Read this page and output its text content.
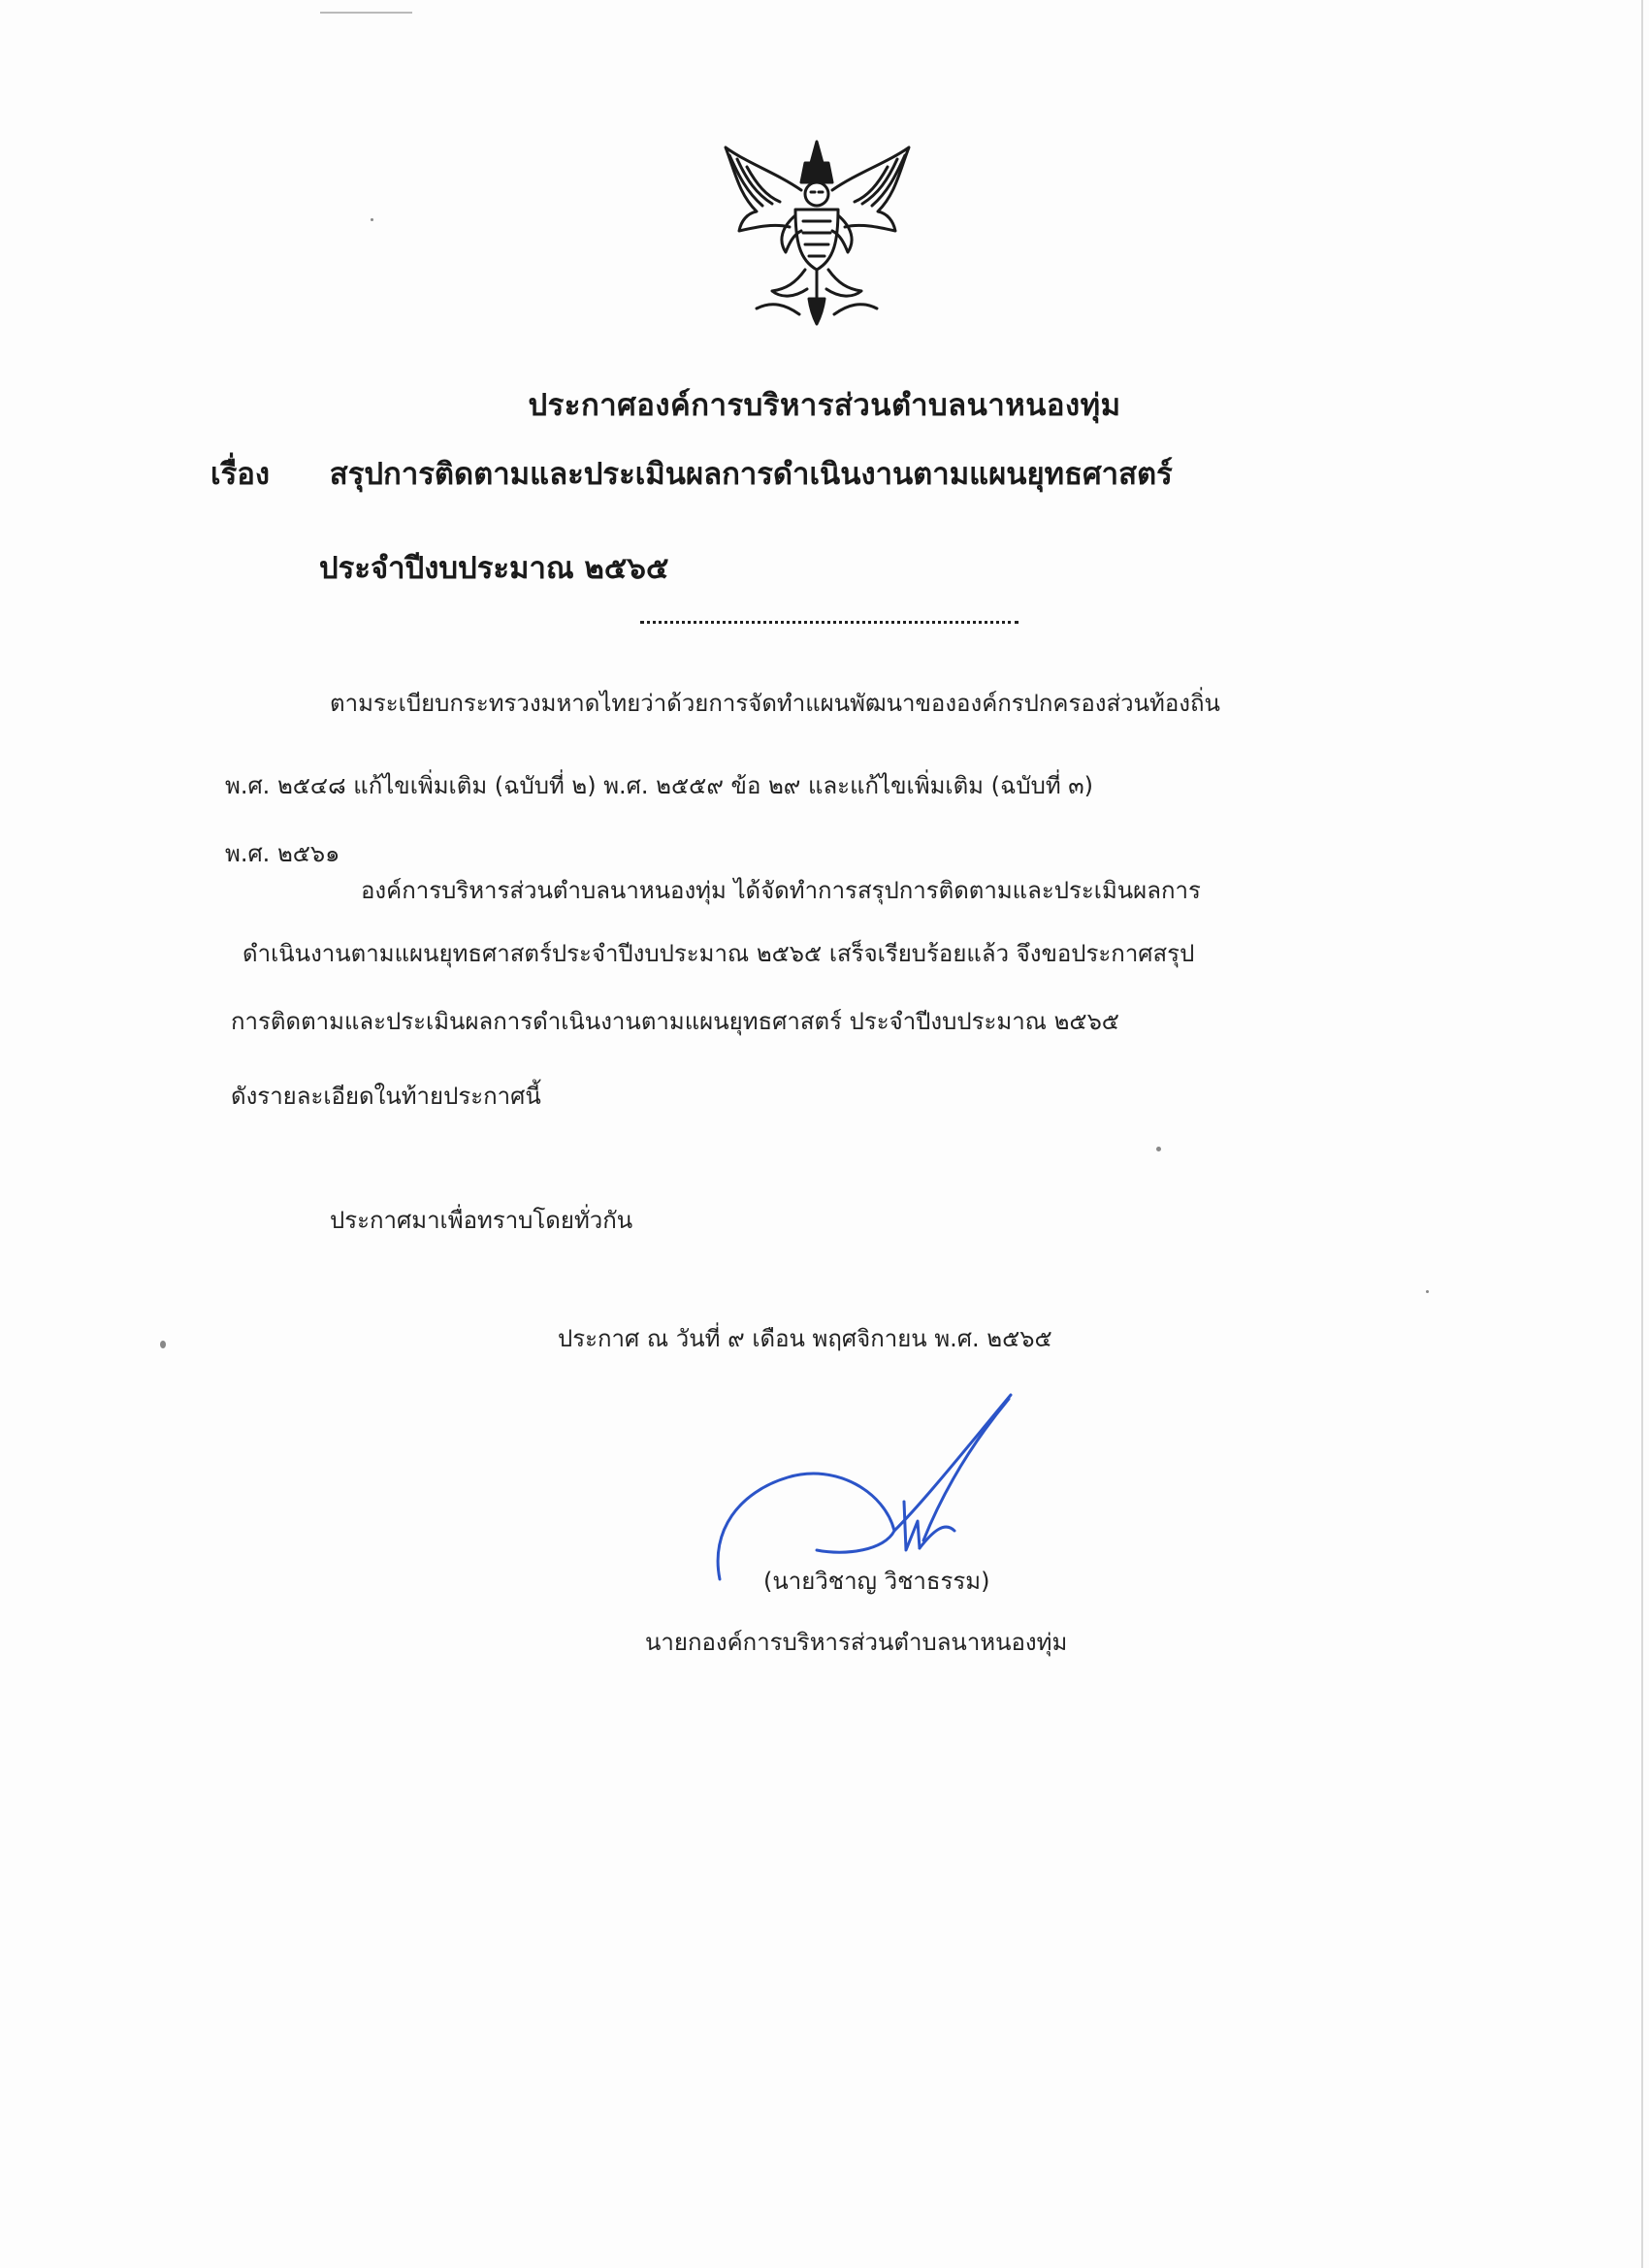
ประกาศองค์การบริหารส่วนตำบลนาหนองทุ่ม
เรื่อง สรุปการติดตามและประเมินผลการดำเนินงานตามแผนยุทธศาสตร์
ประจำปีงบประมาณ ๒๕๖๕
ตามระเบียบกระทรวงมหาดไทยว่าด้วยการจัดทำแผนพัฒนาขององค์กรปกครองส่วนท้องถิ่น
พ.ศ. ๒๕๔๘ แก้ไขเพิ่มเติม (ฉบับที่ ๒) พ.ศ. ๒๕๕๙ ข้อ ๒๙ และแก้ไขเพิ่มเติม (ฉบับที่ ๓)
พ.ศ. ๒๕๖๑
องค์การบริหารส่วนตำบลนาหนองทุ่ม ได้จัดทำการสรุปการติดตามและประเมินผลการ
ดำเนินงานตามแผนยุทธศาสตร์ประจำปีงบประมาณ ๒๕๖๕ เสร็จเรียบร้อยแล้ว จึงขอประกาศสรุป
การติดตามและประเมินผลการดำเนินงานตามแผนยุทธศาสตร์ ประจำปีงบประมาณ ๒๕๖๕
ดังรายละเอียดในท้ายประกาศนี้
ประกาศมาเพื่อทราบโดยทั่วกัน
ประกาศ ณ วันที่ ๙ เดือน พฤศจิกายน พ.ศ. ๒๕๖๕
(นายวิชาญ วิชาธรรม)
นายกองค์การบริหารส่วนตำบลนาหนองทุ่ม
